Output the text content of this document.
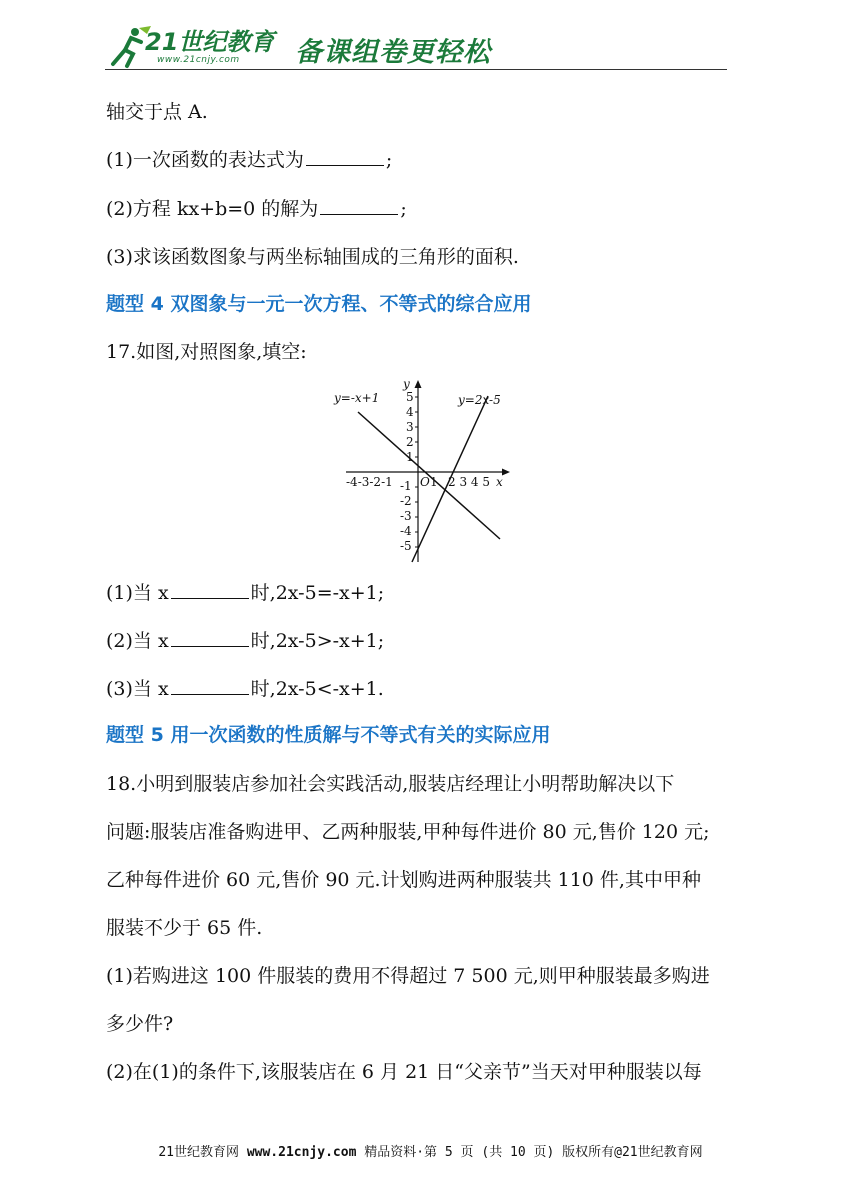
21世纪教育
www.21cnjy.com 备课组卷更轻松
轴交于点 A.
(1)一次函数的表达式为	;
(2)方程 kx+b=0 的解为	;
(3)求该函数图象与两坐标轴围成的三角形的面积.
题型 4 双图象与一元一次方程、不等式的综合应用
17.如图,对照图象,填空:
y=-x+1	y=2x-5
y
x
O
5
4
3
2
1
-1
-2
-3
-4
-5
-4-3-2-1	1 2 3 4 5
(1)当 x	时,2x-5=-x+1;
(2)当 x	时,2x-5>-x+1;
(3)当 x	时,2x-5<-x+1.
题型 5 用一次函数的性质解与不等式有关的实际应用
18.小明到服装店参加社会实践活动,服装店经理让小明帮助解决以下
问题:服装店准备购进甲、乙两种服装,甲种每件进价 80 元,售价 120 元;
乙种每件进价 60 元,售价 90 元.计划购进两种服装共 110 件,其中甲种
服装不少于 65 件.
(1)若购进这 100 件服装的费用不得超过 7 500 元,则甲种服装最多购进
多少件?
(2)在(1)的条件下,该服装店在 6 月 21 日“父亲节”当天对甲种服装以每
21世纪教育网 www.21cnjy.com 精品资料·第 5 页 (共 10 页) 版权所有@21世纪教育网
